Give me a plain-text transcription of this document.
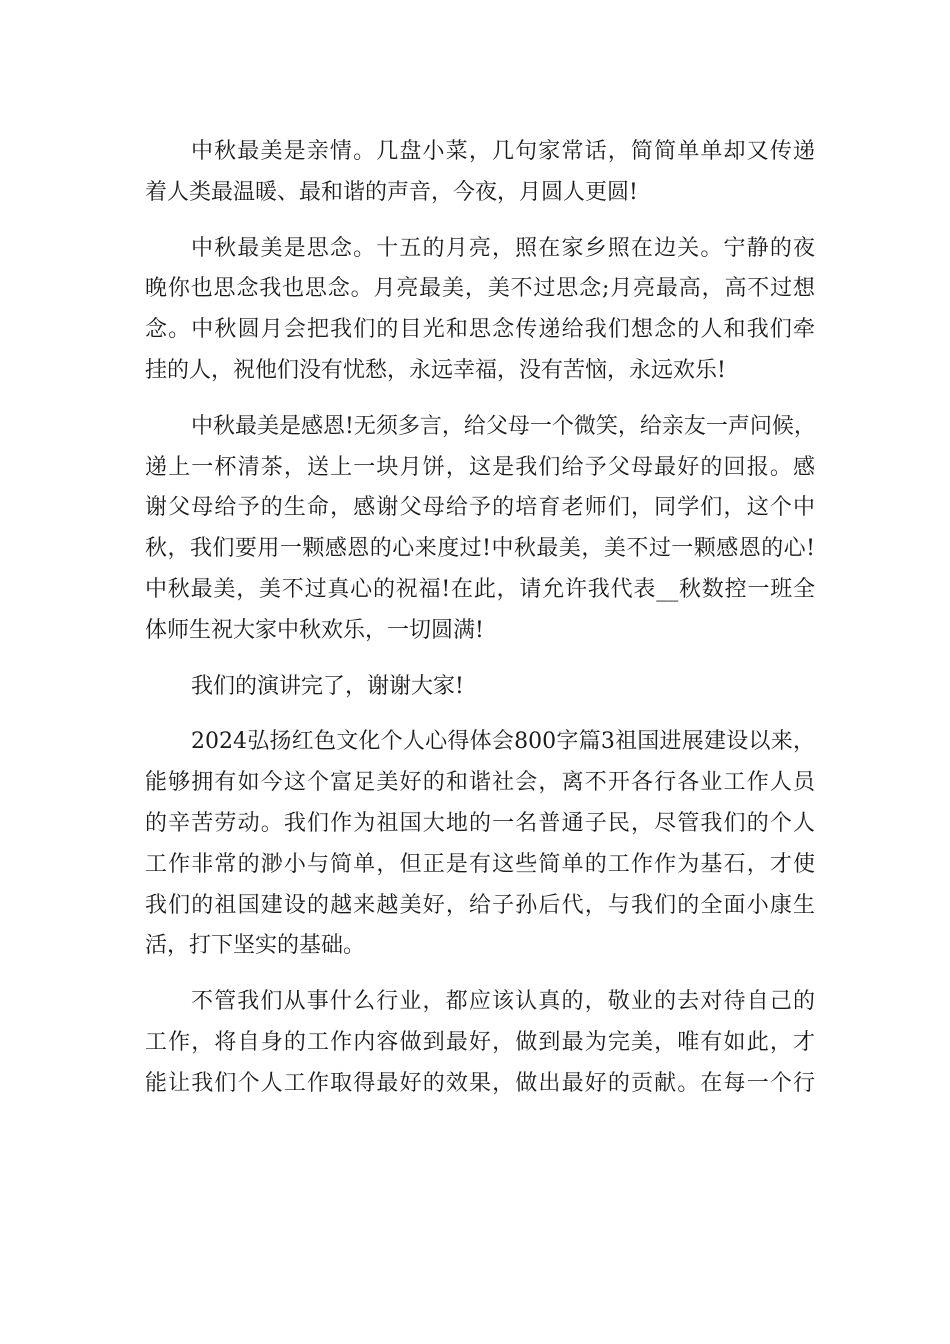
中秋最美是亲情。几盘小菜，几句家常话，简简单单却又传递
着人类最温暖、最和谐的声音，今夜，月圆人更圆!
中秋最美是思念。十五的月亮，照在家乡照在边关。宁静的夜
晚你也思念我也思念。月亮最美，美不过思念;月亮最高，高不过想
念。中秋圆月会把我们的目光和思念传递给我们想念的人和我们牵
挂的人，祝他们没有忧愁，永远幸福，没有苦恼，永远欢乐!
中秋最美是感恩!无须多言，给父母一个微笑，给亲友一声问候，
递上一杯清茶，送上一块月饼，这是我们给予父母最好的回报。感
谢父母给予的生命，感谢父母给予的培育老师们，同学们，这个中
秋，我们要用一颗感恩的心来度过!中秋最美，美不过一颗感恩的心!
中秋最美，美不过真心的祝福!在此，请允许我代表__秋数控一班全
体师生祝大家中秋欢乐，一切圆满!
我们的演讲完了，谢谢大家!
2024弘扬红色文化个人心得体会800字篇3祖国进展建设以来，
能够拥有如今这个富足美好的和谐社会，离不开各行各业工作人员
的辛苦劳动。我们作为祖国大地的一名普通子民，尽管我们的个人
工作非常的渺小与简单，但正是有这些简单的工作作为基石，才使
我们的祖国建设的越来越美好，给子孙后代，与我们的全面小康生
活，打下坚实的基础。
不管我们从事什么行业，都应该认真的，敬业的去对待自己的
工作，将自身的工作内容做到最好，做到最为完美，唯有如此，才
能让我们个人工作取得最好的效果，做出最好的贡献。在每一个行
